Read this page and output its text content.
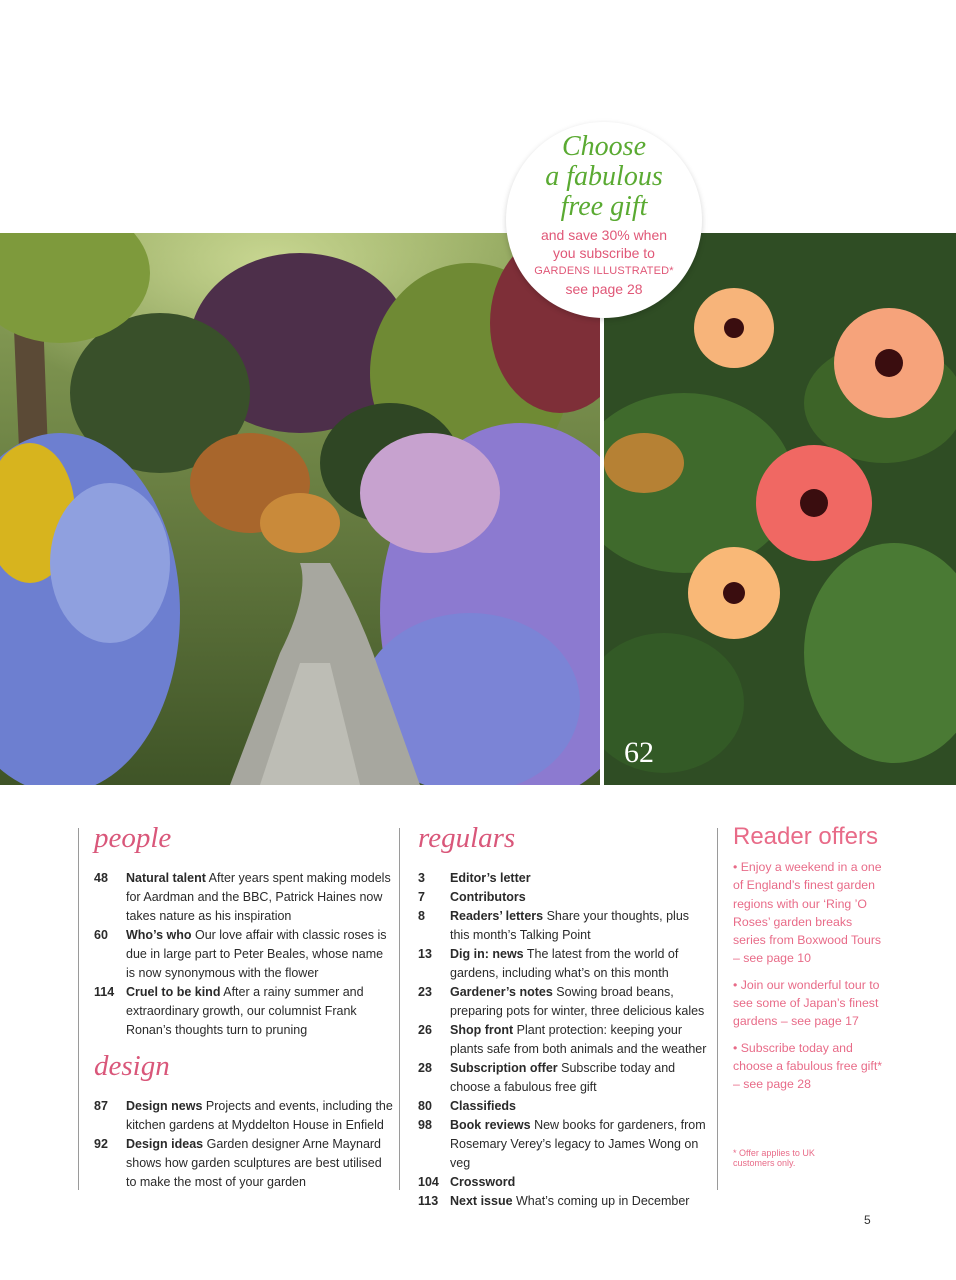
62
Choose
a fabulous
free gift
and save 30% when
you subscribe to
GARDENS ILLUSTRATED*
see page 28
people
48	Natural talent After years spent making models for Aardman and the BBC, Patrick Haines now takes nature as his inspiration
60	Who’s who Our love affair with classic roses is due in large part to Peter Beales, whose name is now synonymous with the flower
114 Cruel to be kind After a rainy summer and extraordinary growth, our columnist Frank Ronan’s thoughts turn to pruning
design
87	Design news Projects and events, including the kitchen gardens at Myddelton House in Enfield
92	Design ideas Garden designer Arne Maynard shows how garden sculptures are best utilised to make the most of your garden
regulars
3	Editor’s letter
7	Contributors
8	Readers’ letters Share your thoughts, plus this month’s Talking Point
13	Dig in: news The latest from the world of gardens, including what’s on this month
23	Gardener’s notes Sowing broad beans, preparing pots for winter, three delicious kales
26	Shop front Plant protection: keeping your plants safe from both animals and the weather
28	Subscription offer Subscribe today and choose a fabulous free gift
80	Classifieds
98	Book reviews New books for gardeners, from Rosemary Verey’s legacy to James Wong on veg
104 Crossword
113 Next issue What’s coming up in December
Reader offers
• Enjoy a weekend in a one of England’s finest garden regions with our ‘Ring ’O Roses’ garden breaks series from Boxwood Tours – see page 10
• Join our wonderful tour to see some of Japan’s finest gardens – see page 17
• Subscribe today and choose a fabulous free gift* – see page 28
* Offer applies to UK customers only.
5
